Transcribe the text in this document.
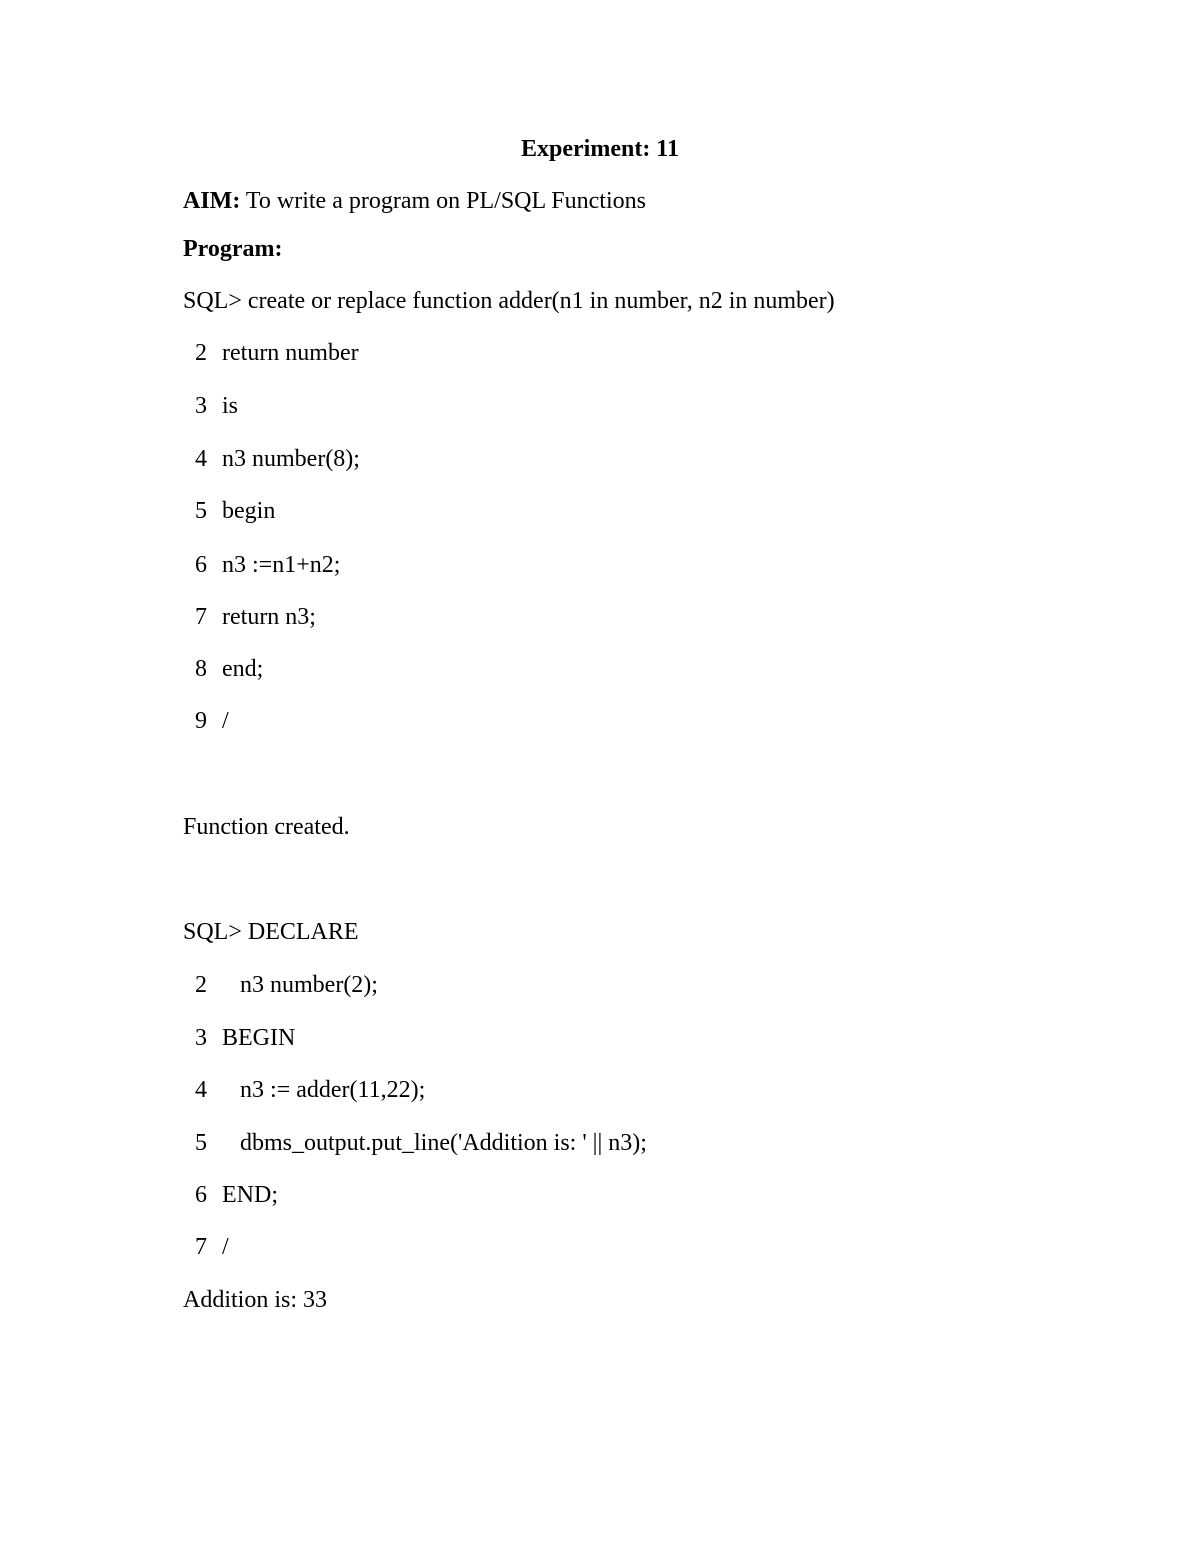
Experiment: 11
AIM: To write a program on PL/SQL Functions
Program:
SQL> create or replace function adder(n1 in number, n2 in number)
2 return number
3 is
4 n3 number(8);
5 begin
6 n3 :=n1+n2;
7 return n3;
8 end;
9 /
Function created.
SQL> DECLARE
2 n3 number(2);
3 BEGIN
4 n3 := adder(11,22);
5 dbms_output.put_line('Addition is: ' || n3);
6 END;
7 /
Addition is: 33
